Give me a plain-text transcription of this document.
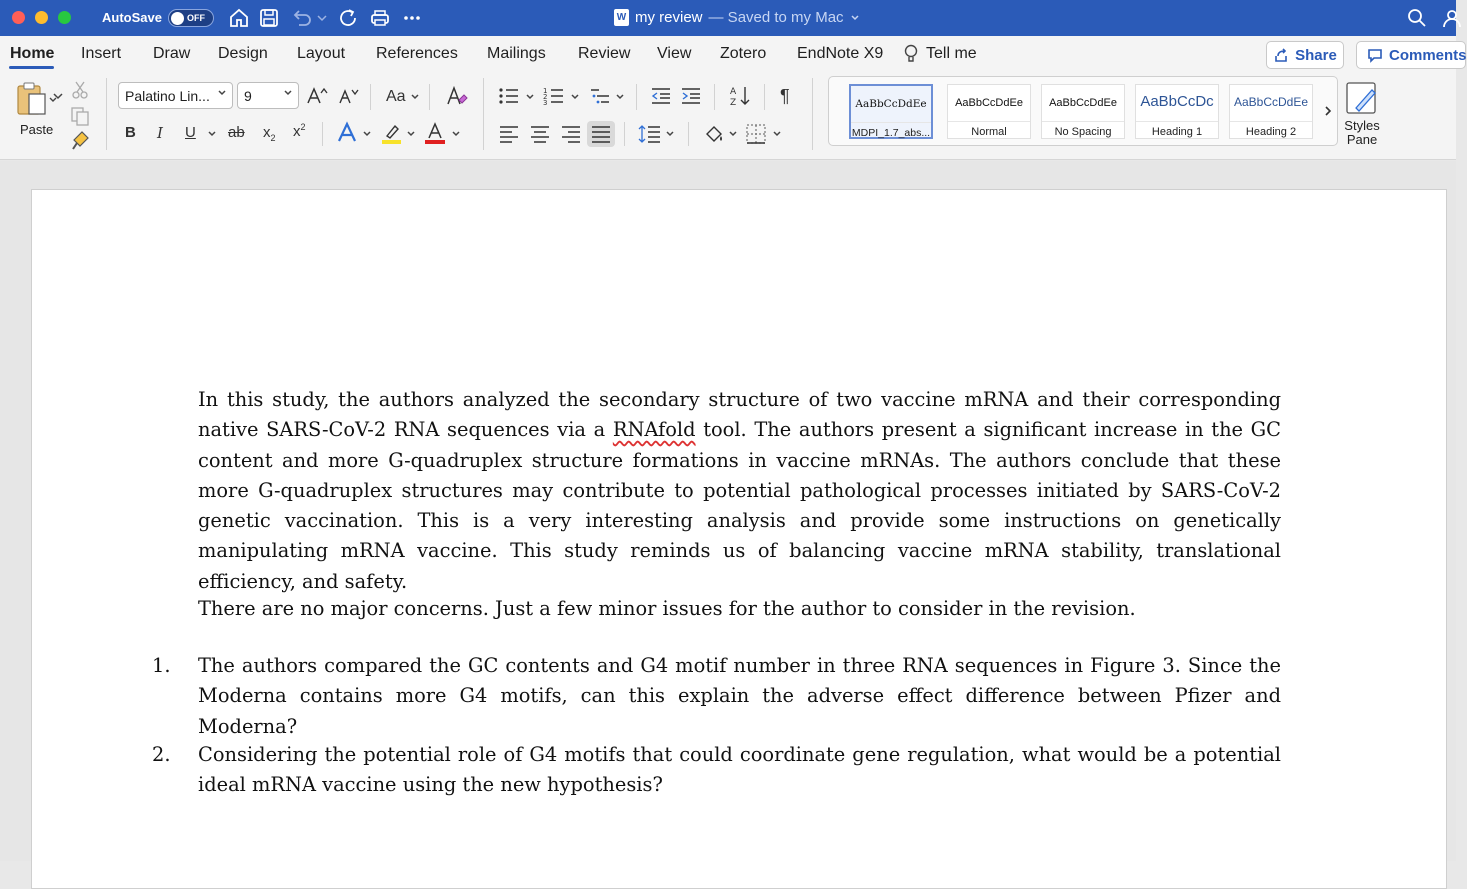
AutoSave	OFF	W my review — Saved to my Mac
Home Insert Draw Design Layout References Mailings Review View Zotero EndNote X9	Tell me	Share	Comments
Paste
Palatino Lin...	9	Aa
B I U ab $x_2$ $x^2$
1
2
3
A
Z ¶	AaBbCcDdEe
MDPI_1.7_abs...
AaBbCcDdEe
Normal
AaBbCcDdEe
No Spacing
AaBbCcDc
Heading 1
AaBbCcDdEe
Heading 2	Styles
Pane

In this study, the authors analyzed the secondary structure of two vaccine mRNA and their corresponding native SARS-CoV-2 RNA sequences via a RNAfold tool. The authors present a significant increase in the GC content and more G-quadruplex structure formations in vaccine mRNAs. The authors conclude that these more G-quadruplex structures may contribute to potential pathological processes initiated by SARS-CoV-2 genetic vaccination. This is a very interesting analysis and provide some instructions on genetically manipulating mRNA vaccine. This study reminds us of balancing vaccine mRNA stability, translational efficiency, and safety.

There are no major concerns. Just a few minor issues for the author to consider in the revision.

1. The authors compared the GC contents and G4 motif number in three RNA sequences in Figure 3. Since the Moderna contains more G4 motifs, can this explain the adverse effect difference between Pfizer and Moderna?
2. Considering the potential role of G4 motifs that could coordinate gene regulation, what would be a potential ideal mRNA vaccine using the new hypothesis?
